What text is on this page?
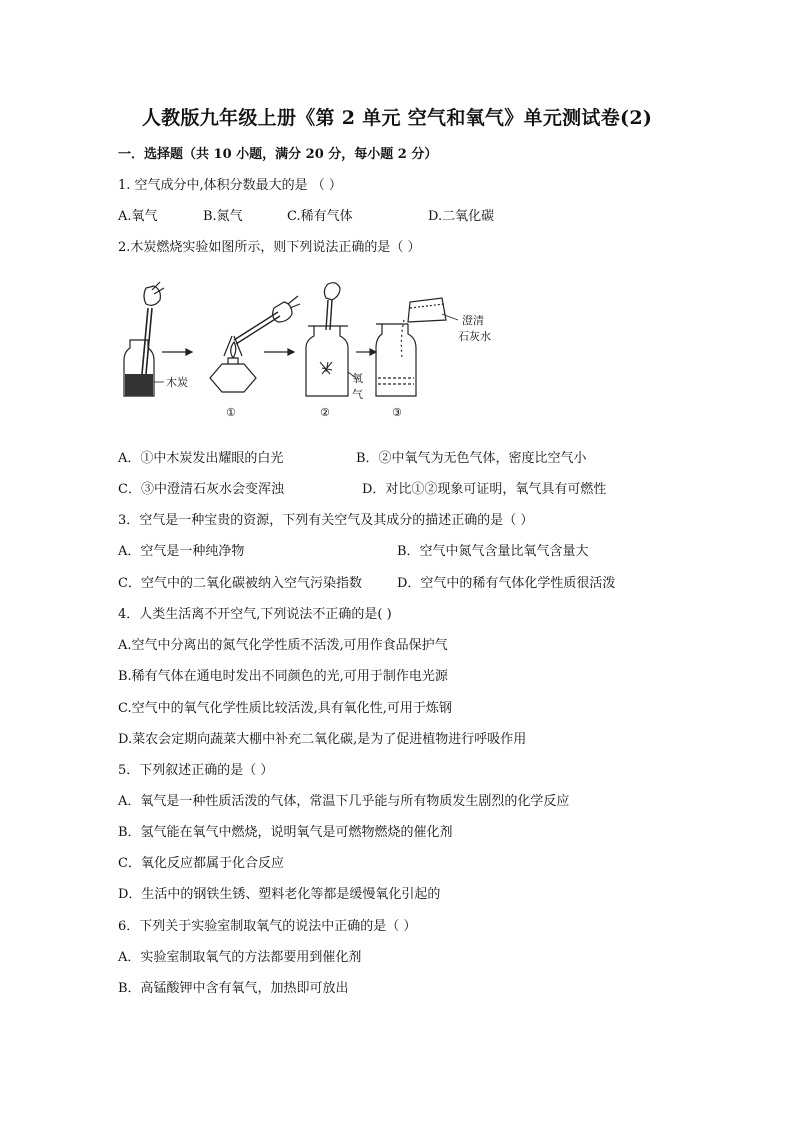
人教版九年级上册《第 2 单元 空气和氧气》单元测试卷(2)
一．选择题（共 10 小题，满分 20 分，每小题 2 分）
1. 空气成分中,体积分数最大的是 （ ）
A.氧气	B.氮气	C.稀有气体	D.二氧化碳
2.木炭燃烧实验如图所示，则下列说法正确的是（ ）
木炭
澄清
石灰水
氧
气
①	②	③
A．①中木炭发出耀眼的白光	B．②中氧气为无色气体，密度比空气小
C．③中澄清石灰水会变浑浊	D．对比①②现象可证明，氧气具有可燃性
3．空气是一种宝贵的资源，下列有关空气及其成分的描述正确的是（ ）
A．空气是一种纯净物	B．空气中氮气含量比氧气含量大
C．空气中的二氧化碳被纳入空气污染指数	D．空气中的稀有气体化学性质很活泼
4．人类生活离不开空气,下列说法不正确的是( )
A.空气中分离出的氮气化学性质不活泼,可用作食品保护气
B.稀有气体在通电时发出不同颜色的光,可用于制作电光源
C.空气中的氧气化学性质比较活泼,具有氧化性,可用于炼钢
D.菜农会定期向蔬菜大棚中补充二氧化碳,是为了促进植物进行呼吸作用
5．下列叙述正确的是（ ）
A．氧气是一种性质活泼的气体，常温下几乎能与所有物质发生剧烈的化学反应
B．氢气能在氧气中燃烧，说明氧气是可燃物燃烧的催化剂
C．氧化反应都属于化合反应
D．生活中的钢铁生锈、塑料老化等都是缓慢氧化引起的
6．下列关于实验室制取氧气的说法中正确的是（ ）
A．实验室制取氧气的方法都要用到催化剂
B．高锰酸钾中含有氧气，加热即可放出
